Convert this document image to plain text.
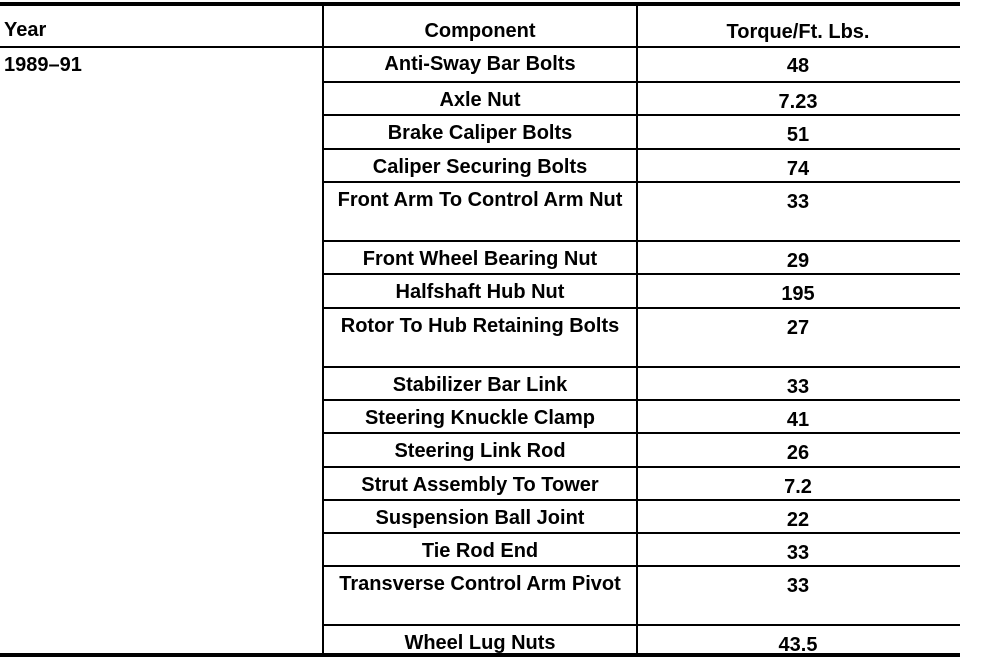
Year	Component	Torque/Ft. Lbs.
1989–91	Anti-Sway Bar Bolts	48
Axle Nut	7.23
Brake Caliper Bolts	51
Caliper Securing Bolts	74
Front Arm To Control Arm Nut	33
Front Wheel Bearing Nut	29
Halfshaft Hub Nut	195
Rotor To Hub Retaining Bolts	27
Stabilizer Bar Link	33
Steering Knuckle Clamp	41
Steering Link Rod	26
Strut Assembly To Tower	7.2
Suspension Ball Joint	22
Tie Rod End	33
Transverse Control Arm Pivot	33
Wheel Lug Nuts	43.5
